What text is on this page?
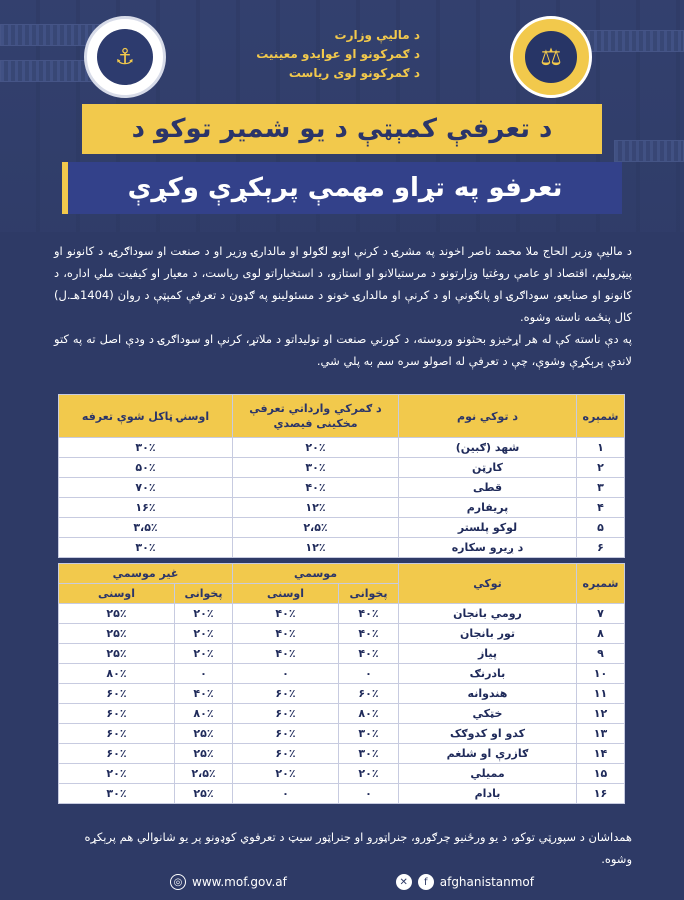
⚓	⚖
د ماليې وزارت
د ګمرکونو او عوايدو معينيت
د ګمرکونو لوی رياست
د تعرفې کمېټې د يو شمير توکو د
تعرفو په تړاو مهمې پرېکړې وکړې

د ماليې وزير الحاج ملا محمد ناصر اخوند په مشرۍ د کرنې اوبو لګولو او مالدارۍ وزير او د صنعت او سوداګرۍ، د کانونو او پيټروليم، اقتصاد او عامې روغتيا وزارتونو د مرستيالانو او استازو، د استخباراتو لوی رياست، د معيار او کيفيت ملي اداره، د کانونو او صنايعو، سوداګرۍ او پانګونې او د کرنې او مالدارۍ خونو د مسئولينو په ګډون د تعرفې کمېټې د روان (1404هـ.ل) کال پنځمه ناسته وشوه.

په دې ناسته کې له هر اړخيزو بحثونو وروسته، د کورني صنعت او توليداتو د ملاتړ، کرنې او سوداګرۍ د ودې اصل ته په کتو لاندې پرېکړې وشوې، چې د تعرفې له اصولو سره سم به پلي شي.

شمېره	د توکي نوم	د ګمرکي وارداتي تعرفې مخکينی فيصدي	اوسنۍ ټاکل شوې تعرفه
۱	شهد (ګبين)	۲۰٪	۳۰٪
۲	کارټن	۳۰٪	۵۰٪
۳	قطی	۴۰٪	۷۰٪
۴	پريفارم	۱۲٪	۱۶٪
۵	لوکو پلستر	۲،۵٪	۳،۵٪
۶	د ږيرو سکاره	۱۲٪	۳۰٪
شمېره	توکي	موسمي		غير موسمي	
		پخوانی	اوسنی	پخوانی	اوسنی
۷	رومي بانجان	۴۰٪	۴۰٪	۲۰٪	۲۵٪
۸	تور بانجان	۴۰٪	۴۰٪	۲۰٪	۲۵٪
۹	پياز	۴۰٪	۴۰٪	۲۰٪	۲۵٪
۱۰	بادرنګ	۰	۰	۰	۸۰٪
۱۱	هندوانه	۶۰٪	۶۰٪	۴۰٪	۶۰٪
۱۲	خټکي	۸۰٪	۶۰٪	۸۰٪	۶۰٪
۱۳	کدو او کدوګک	۳۰٪	۶۰٪	۲۵٪	۶۰٪
۱۴	ګازرې او شلغم	۳۰٪	۶۰٪	۲۵٪	۶۰٪
۱۵	مميلي	۲۰٪	۲۰٪	۲،۵٪	۲۰٪
۱۶	بادام	۰	۰	۲۵٪	۳۰٪
همداشان د سپورټي توکو، د يو ورځنيو چرګورو، جنراټورو او جنراټور سيټ د تعرفوي کوډونو پر يو شانوالي هم پرېکړه وشوه.
◎ www.mof.gov.af	✕	f	afghanistanmof
